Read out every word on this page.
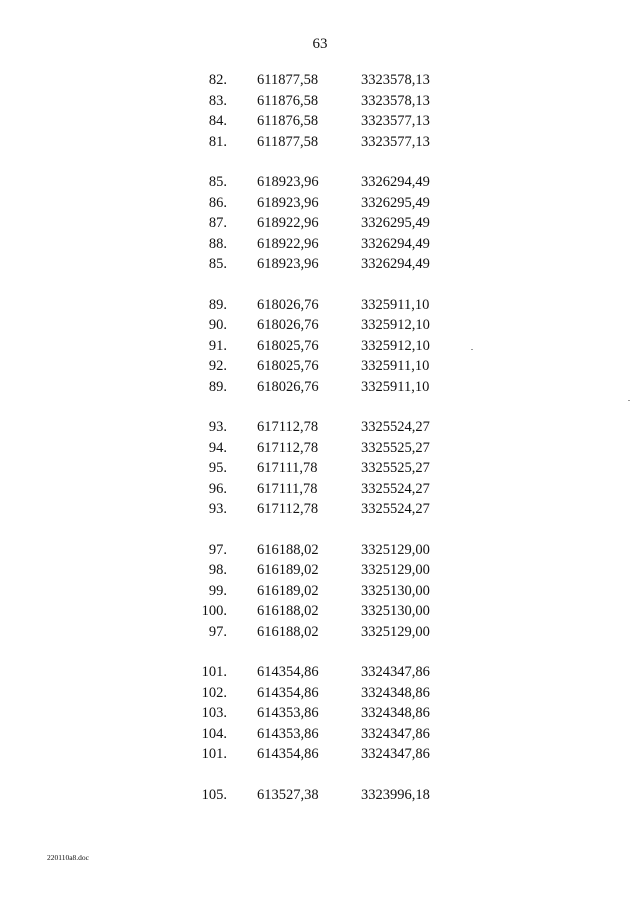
63
82. 611877,58	3323578,13
83. 611876,58	3323578,13
84. 611876,58	3323577,13
81. 611877,58	3323577,13
85. 618923,96	3326294,49
86. 618923,96	3326295,49
87. 618922,96	3326295,49
88. 618922,96	3326294,49
85. 618923,96	3326294,49
89. 618026,76	3325911,10
90. 618026,76	3325912,10
91. 618025,76	3325912,10
92. 618025,76	3325911,10
89. 618026,76	3325911,10
93. 617112,78	3325524,27
94. 617112,78	3325525,27
95. 617111,78	3325525,27
96. 617111,78	3325524,27
93. 617112,78	3325524,27
97. 616188,02	3325129,00
98. 616189,02	3325129,00
99. 616189,02	3325130,00
100. 616188,02	3325130,00
97. 616188,02	3325129,00
101. 614354,86	3324347,86
102. 614354,86	3324348,86
103. 614353,86	3324348,86
104. 614353,86	3324347,86
101. 614354,86	3324347,86
105. 613527,38	3323996,18
220110a8.doc
